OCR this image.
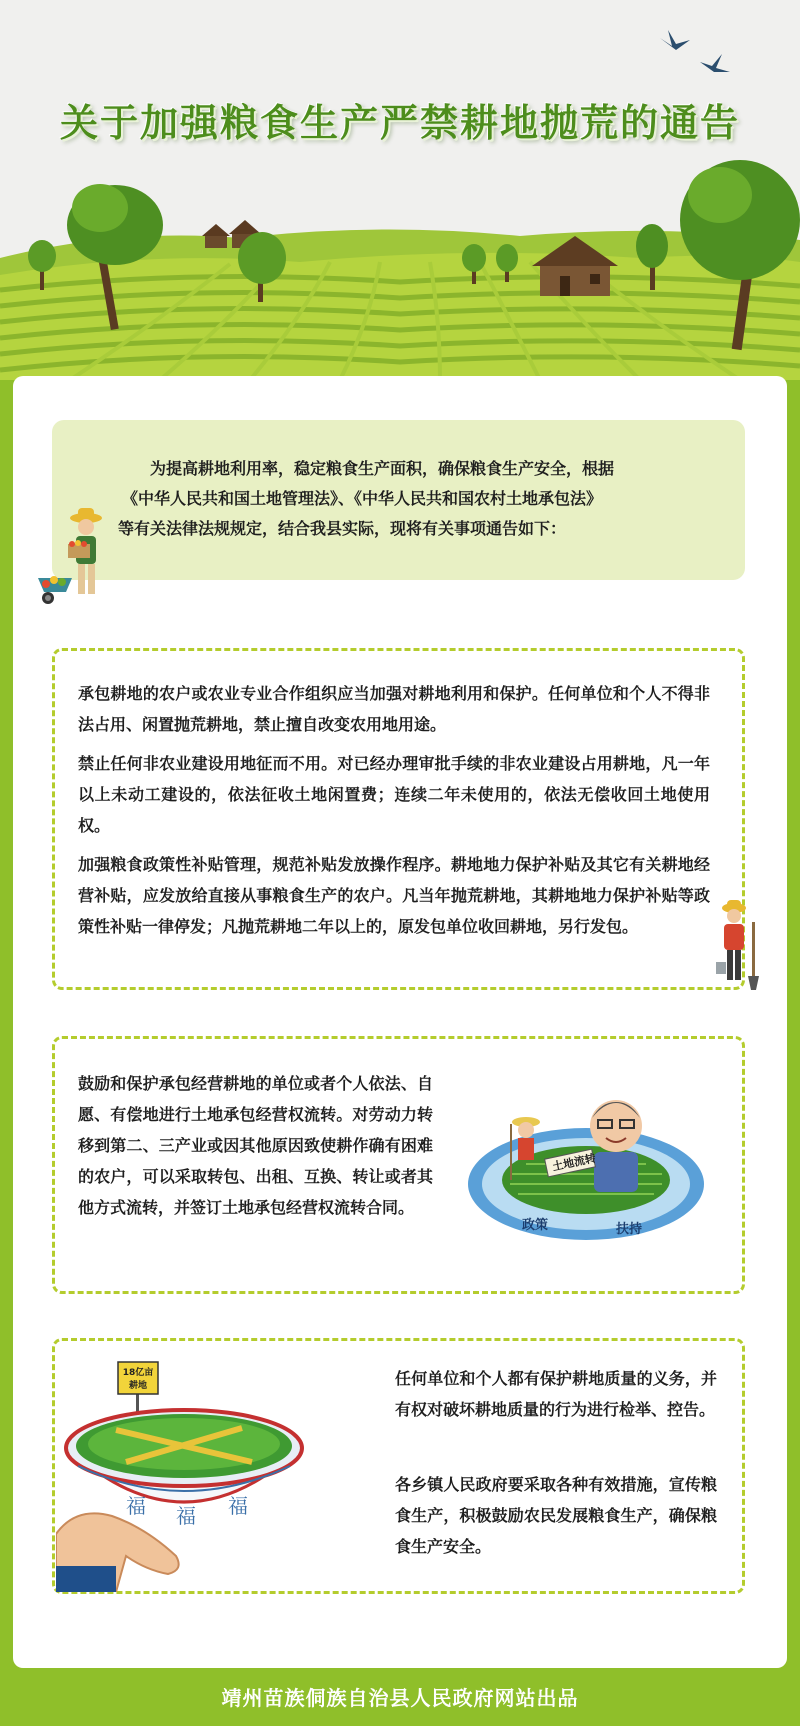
关于加强粮食生产严禁耕地抛荒的通告

为提高耕地利用率，稳定粮食生产面积，确保粮食生产安全，根据

《中华人民共和国土地管理法》、《中华人民共和国农村土地承包法》

等有关法律法规规定，结合我县实际，现将有关事项通告如下：

承包耕地的农户或农业专业合作组织应当加强对耕地利用和保护。任何单位和个人不得非法占用、闲置抛荒耕地，禁止擅自改变农用地用途。

禁止任何非农业建设用地征而不用。对已经办理审批手续的非农业建设占用耕地，凡一年以上未动工建设的，依法征收土地闲置费；连续二年未使用的，依法无偿收回土地使用权。

加强粮食政策性补贴管理，规范补贴发放操作程序。耕地地力保护补贴及其它有关耕地经营补贴，应发放给直接从事粮食生产的农户。凡当年抛荒耕地，其耕地地力保护补贴等政策性补贴一律停发；凡抛荒耕地二年以上的，原发包单位收回耕地，另行发包。

鼓励和保护承包经营耕地的单位或者个人依法、自愿、有偿地进行土地承包经营权流转。对劳动力转移到第二、三产业或因其他原因致使耕作确有困难的农户，可以采取转包、出租、互换、转让或者其他方式流转，并签订土地承包经营权流转合同。

土地流转
政策	扶持

任何单位和个人都有保护耕地质量的义务，并有权对破坏耕地质量的行为进行检举、控告。

各乡镇人民政府要采取各种有效措施，宣传粮食生产，积极鼓励农民发展粮食生产，确保粮食生产安全。

18亿亩
耕地
福 福 福
靖州苗族侗族自治县人民政府网站出品
